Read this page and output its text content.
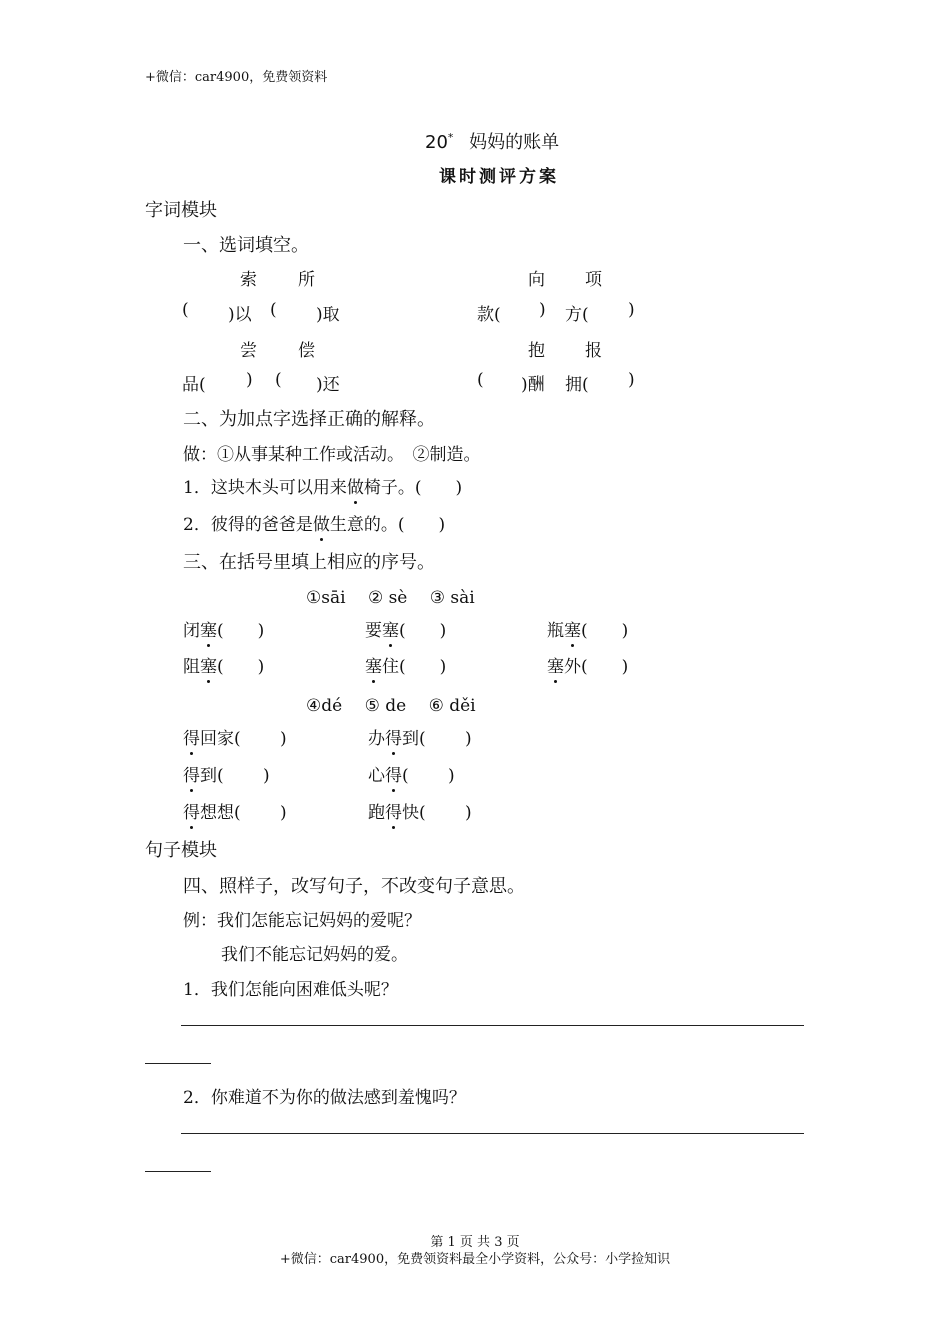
+微信：car4900，免费领资料
20* 妈妈的账单
课时测评方案
字词模块
一、选词填空。
索 所	向 项
( )以 ( )取	款( ) 方( )
尝 偿	抱 报
品( ) ( )还	( )酬 拥( )
二、为加点字选择正确的解释。
做：①从事某种工作或活动。　②制造。
1．这块木头可以用来做椅子。(　　)
2．彼得的爸爸是做生意的。(　　)
三、在括号里填上相应的序号。
①sāi　 ② sè　 ③ sài
闭塞(　　)	要塞(　　)	瓶塞(　　)
阻塞(　　)	塞住(　　)	塞外(　　)
④dé　 ⑤ de　 ⑥ děi
得回家(　　 )	办得到(　　 )
得到(　　 )	心得(　　 )
得想想(　　 )	跑得快(　　 )
句子模块
四、照样子，改写句子，不改变句子意思。
例：我们怎能忘记妈妈的爱呢？
我们不能忘记妈妈的爱。
1．我们怎能向困难低头呢？
2．你难道不为你的做法感到羞愧吗？
第 1 页 共 3 页
+微信：car4900，免费领资料最全小学资料，公众号：小学捡知识
